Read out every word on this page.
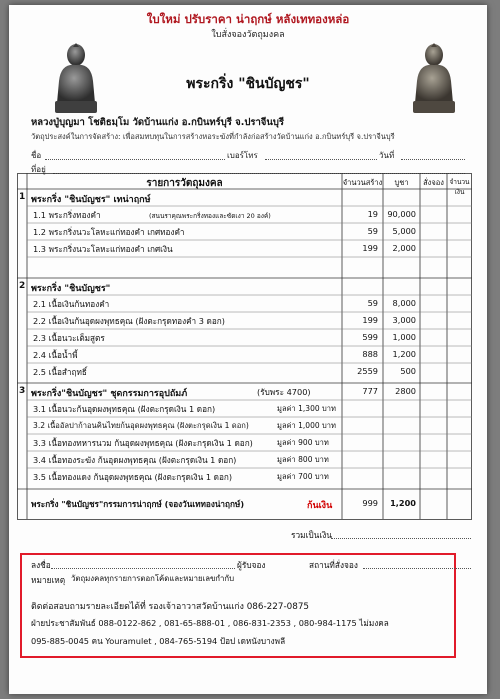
ใบใหม่ ปรับราคา น่าฤกษ์ หลังเททองหล่อ
ใบสั่งจองวัตถุมงคล
พระกริ่ง "ชินบัญชร"
หลวงปู่บุญมา โชติธมฺโม วัดบ้านแก่ง อ.กบินทร์บุรี จ.ปราจีนบุรี
วัตถุประสงค์ในการจัดสร้าง: เพื่อสมทบทุนในการสร้างหอระฆังที่กำลังก่อสร้างวัดบ้านแก่ง อ.กบินทร์บุรี จ.ปราจีนบุรี
ชื่อ	เบอร์โทร	วันที่
ที่อยู่
รายการวัตถุมงคล	จำนวนสร้าง	บูชา	สั่งจอง จำนวนเงิน
1 พระกริ่ง "ชินบัญชร" เทน่าฤกษ์
1.1 พระกริ่งทองคำ	(สนนราคุณพระกริ่งทองและซัดเงา 20 องค์)	19 90,000
1.2 พระกริ่งนวะโลหะแก่ทองคำ เกศทองคำ	59 5,000
1.3 พระกริ่งนวะโลหะแก่ทองคำ เกศเงิน	199 2,000
2 พระกริ่ง "ชินบัญชร"
2.1 เนื้อเงินก้นทองคำ	59 8,000
2.2 เนื้อเงินก้นอุดผงพุทธคุณ (ฝังตะกรุดทองคำ 3 ดอก)	199 3,000
2.3 เนื้อนวะเต็มสูตร	599 1,000
2.4 เนื้อน้ำพี้	888 1,200
2.5 เนื้อสำฤทธิ์	2559	500
3 พระกริ่ง"ชินบัญชร" ชุดกรรมการอุปถัมภ์	(รับพระ 4700)	777 2800
3.1 เนื้อนวะก้นอุดผงพุทธคุณ (ฝังตะกรุดเงิน 1 ดอก)	มูลค่า 1,300 บาท
3.2 เนื้ออัลปาก้าอนคินไทยก้นอุดผงพุทธคุณ (ฝังตะกรุดเงิน 1 ดอก)	มูลค่า 1,000 บาท
3.3 เนื้อทองทหารนวม ก้นอุดผงพุทธคุณ (ฝังตะกรุดเงิน 1 ดอก)	มูลค่า 900 บาท
3.4 เนื้อทองระฆัง ก้นอุดผงพุทธคุณ (ฝังตะกรุดเงิน 1 ดอก)	มูลค่า 800 บาท
3.5 เนื้อทองแดง ก้นอุดผงพุทธคุณ (ฝังตะกรุดเงิน 1 ดอก)	มูลค่า 700 บาท
พระกริ่ง "ชินบัญชร"กรรมการน่าฤกษ์ (จองวันเททองน่าฤกษ์)	ก้นเงิน	999 1,200
รวมเป็นเงิน
ลงชื่อ	ผู้รับจอง	สถานที่สั่งจอง
หมายเหตุ วัตถุมงคลทุกรายการตอกโค้ดและหมายเลขกำกับ
ติดต่อสอบถามรายละเอียดได้ที่ รองเจ้าอาวาสวัดบ้านแก่ง 086-227-0875
ฝ่ายประชาสัมพันธ์ 088-0122-862 , 081-65-888-01 , 086-831-2353 , 080-984-1175 ไม่มงคล
095-885-0045 คน Youramulet , 084-765-5194 ป้อป เดหนังบางพลี
